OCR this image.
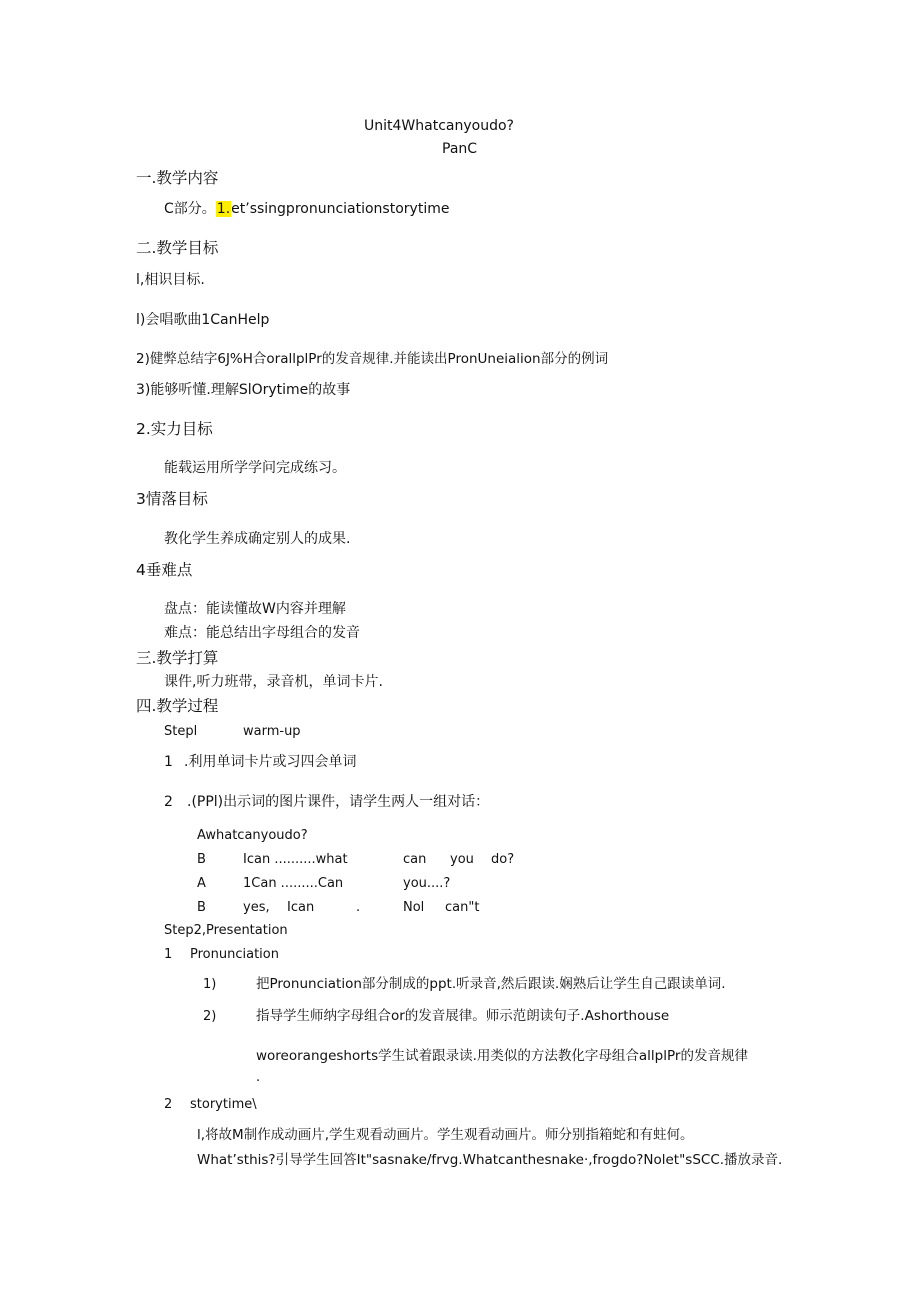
Unit4Whatcanyoudo?
PanC
一.教学内容
C部分。1.et’ssingpronunciationstorytime
二.教学目标
l,相识目标.
l)会唱歌曲1CanHelp
2)健弊总结字6J%H合orallplPr的发音规律.并能读出PronUneialion部分的例词
3)能够听懂.理解SlOrytime的故事
2.实力目标
能载运用所学学问完成练习。
3情落目标
教化学生养成确定别人的成果.
4垂难点
盘点：能读懂故W内容并理解
难点：能总结出字母组合的发音
三.教学打算
课件,听力班带，录音机，单词卡片.
四.教学过程
Stepl	warm-up
1 .利用单词卡片或习四会单词
2 .(PPl)出示词的图片课件，请学生两人一组对话：
Awhatcanyoudo?
B	Ican ..........what	can you do?
A	1Can .........Can	you....?
B	yes, Ican	.	Nol can"t
Step2,Presentation
1 Pronunciation
1)	把Pronunciation部分制成的ppt.听录音,然后跟读.娴熟后让学生自己跟读单词.
2)	指导学生师纳字母组合or的发音展律。师示范朗读句子.Ashorthouse
woreorangeshorts学生试着跟录读.用类似的方法教化字母组合allplPr的发音规律
.
2 storytime\
l,将故M制作成动画片,学生观看动画片。学生观看动画片。师分别指箱蛇和有蛀何。
What’sthis?引导学生回答It"sasnake/frvg.Whatcanthesnake·,frogdo?Nolet"sSCC.播放录音.
